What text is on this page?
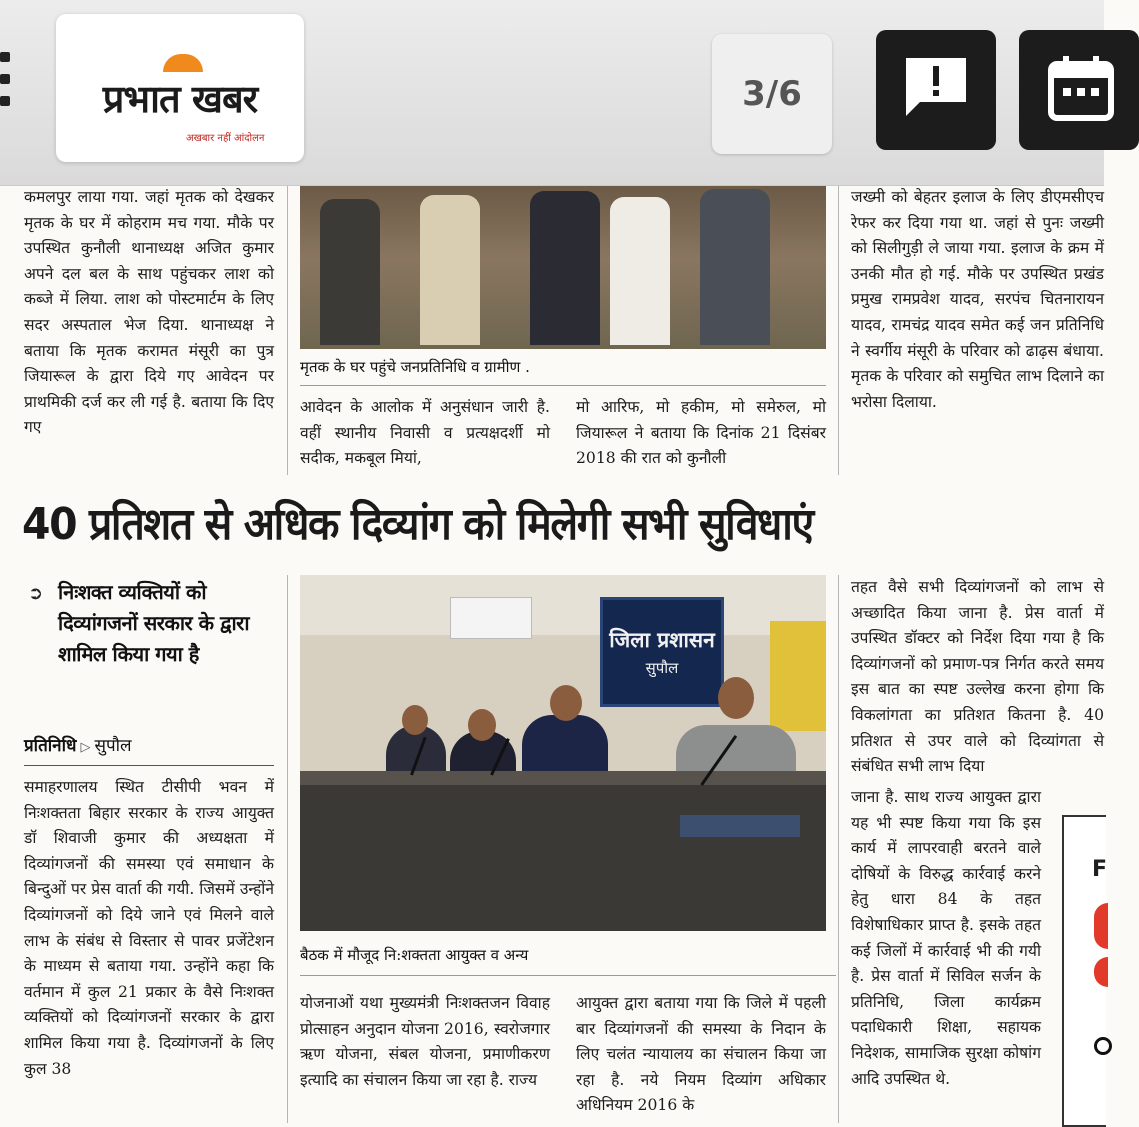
प्रभात खबर
अखबार नहीं आंदोलन
3/6

कमलपुर लाया गया. जहां मृतक को देखकर मृतक के घर में कोहराम मच गया. मौके पर उपस्थित कुनौली थानाध्यक्ष अजित कुमार अपने दल बल के साथ पहुंचकर लाश को कब्जे में लिया. लाश को पोस्टमार्टम के लिए सदर अस्पताल भेज दिया. थानाध्यक्ष ने बताया कि मृतक करामत मंसूरी का पुत्र जियारूल के द्वारा दिये गए आवेदन पर प्राथमिकी दर्ज कर ली गई है. बताया कि दिए गए

मृतक के घर पहुंचे जनप्रतिनिधि व ग्रामीण .
आवेदन के आलोक में अनुसंधान जारी है. वहीं स्थानीय निवासी व प्रत्यक्षदर्शी मो सदीक, मकबूल मियां,
मो आरिफ, मो हकीम, मो समेरुल, मो जियारूल ने बताया कि दिनांक 21 दिसंबर 2018 की रात को कुनौली
जख्मी को बेहतर इलाज के लिए डीएमसीएच रेफर कर दिया गया था. जहां से पुनः जख्मी को सिलीगुड़ी ले जाया गया. इलाज के क्रम में उनकी मौत हो गई. मौके पर उपस्थित प्रखंड प्रमुख रामप्रवेश यादव, सरपंच चितनारायन यादव, रामचंद्र यादव समेत कई जन प्रतिनिधि ने स्वर्गीय मंसूरी के परिवार को ढाढ़स बंधाया. मृतक के परिवार को समुचित लाभ दिलाने का भरोसा दिलाया.
40 प्रतिशत से अधिक दिव्यांग को मिलेगी सभी सुविधाएं
➲ निःशक्त व्यक्तियों को दिव्यांगजनों सरकार के द्वारा शामिल किया गया है
प्रतिनिधि ▷ सुपौल
समाहरणालय स्थित टीसीपी भवन में निःशक्तता बिहार सरकार के राज्य आयुक्त डॉ शिवाजी कुमार की अध्यक्षता में दिव्यांगजनों की समस्या एवं समाधान के बिन्दुओं पर प्रेस वार्ता की गयी. जिसमें उन्होंने दिव्यांगजनों को दिये जाने एवं मिलने वाले लाभ के संबंध से विस्तार से पावर प्रजेंटेशन के माध्यम से बताया गया. उन्होंने कहा कि वर्तमान में कुल 21 प्रकार के वैसे निःशक्त व्यक्तियों को दिव्यांगजनों सरकार के द्वारा शामिल किया गया है. दिव्यांगजनों के लिए कुल 38
जिला प्रशासन
सुपौल
बैठक में मौजूद नि:शक्तता आयुक्त व अन्य
योजनाओं यथा मुख्यमंत्री निःशक्तजन विवाह प्रोत्साहन अनुदान योजना 2016, स्वरोजगार ऋण योजना, संबल योजना, प्रमाणीकरण इत्यादि का संचालन किया जा रहा है. राज्य
आयुक्त द्वारा बताया गया कि जिले में पहली बार दिव्यांगजनों की समस्या के निदान के लिए चलंत न्यायालय का संचालन किया जा रहा है. नये नियम दिव्यांग अधिकार अधिनियम 2016 के
तहत वैसे सभी दिव्यांगजनों को लाभ से अच्छादित किया जाना है. प्रेस वार्ता में उपस्थित डॉक्टर को निर्देश दिया गया है कि दिव्यांगजनों को प्रमाण-पत्र निर्गत करते समय इस बात का स्पष्ट उल्लेख करना होगा कि विकलांगता का प्रतिशत कितना है. 40 प्रतिशत से उपर वाले को दिव्यांगता से संबंधित सभी लाभ दिया
जाना है. साथ राज्य आयुक्त द्वारा यह भी स्पष्ट किया गया कि इस कार्य में लापरवाही बरतने वाले दोषियों के विरुद्ध कार्रवाई करने हेतु धारा 84 के तहत विशेषाधिकार प्राप्त है. इसके तहत कई जिलों में कार्रवाई भी की गयी है. प्रेस वार्ता में सिविल सर्जन के प्रतिनिधि, जिला कार्यक्रम पदाधिकारी शिक्षा, सहायक निदेशक, सामाजिक सुरक्षा कोषांग आदि उपस्थित थे.
F
